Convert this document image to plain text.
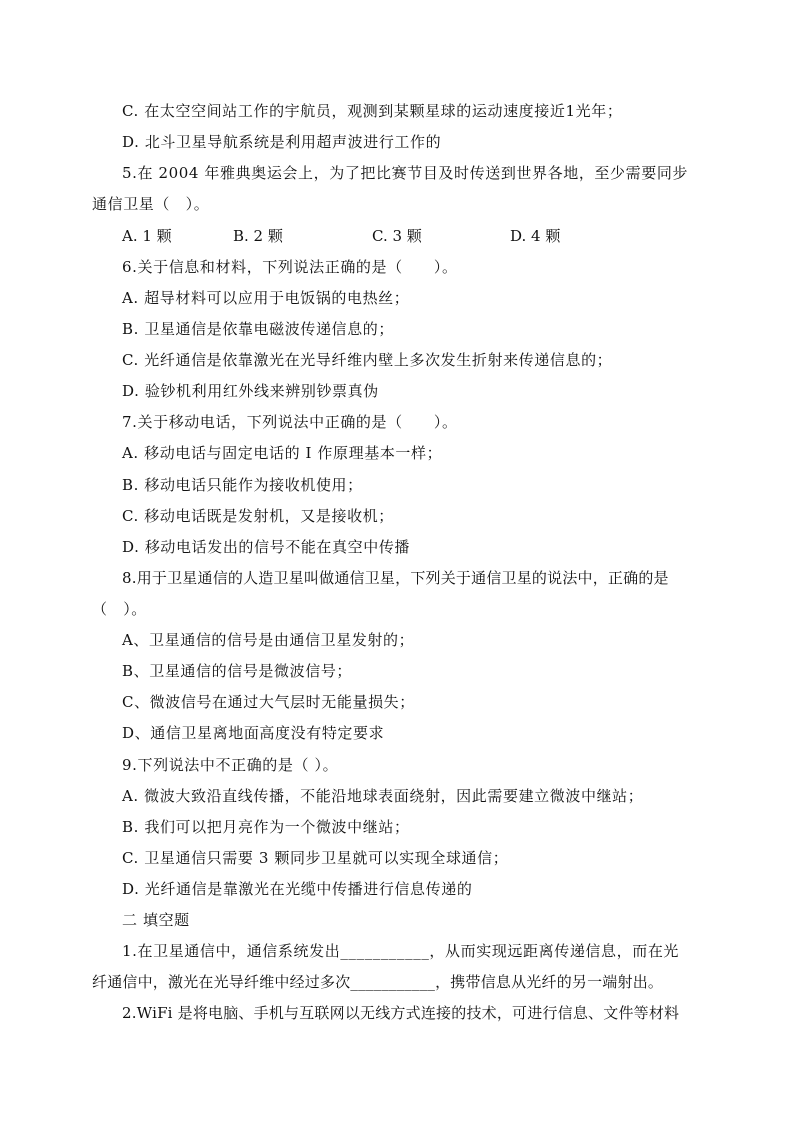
C. 在太空空间站工作的宇航员，观测到某颗星球的运动速度接近1光年；
D. 北斗卫星导航系统是利用超声波进行工作的
5.在 2004 年雅典奥运会上，为了把比赛节目及时传送到世界各地，至少需要同步
通信卫星（　）。
A. 1 颗	B. 2 颗	C. 3 颗	D. 4 颗
6.关于信息和材料，下列说法正确的是（　　）。
A. 超导材料可以应用于电饭锅的电热丝；
B. 卫星通信是依靠电磁波传递信息的；
C. 光纤通信是依靠激光在光导纤维内壁上多次发生折射来传递信息的；
D. 验钞机利用红外线来辨别钞票真伪
7.关于移动电话，下列说法中正确的是（　　）。
A. 移动电话与固定电话的 I 作原理基本一样；
B. 移动电话只能作为接收机使用；
C. 移动电话既是发射机，又是接收机；
D. 移动电话发出的信号不能在真空中传播
8.用于卫星通信的人造卫星叫做通信卫星，下列关于通信卫星的说法中，正确的是
（　）。
A、卫星通信的信号是由通信卫星发射的；
B、卫星通信的信号是微波信号；
C、微波信号在通过大气层时无能量损失；
D、通信卫星离地面高度没有特定要求
9.下列说法中不正确的是（ ）。
A. 微波大致沿直线传播，不能沿地球表面绕射，因此需要建立微波中继站；
B. 我们可以把月亮作为一个微波中继站；
C. 卫星通信只需要 3 颗同步卫星就可以实现全球通信；
D. 光纤通信是靠激光在光缆中传播进行信息传递的
二 填空题
1.在卫星通信中，通信系统发出___________，从而实现远距离传递信息，而在光
纤通信中，激光在光导纤维中经过多次___________，携带信息从光纤的另一端射出。
2.WiFi 是将电脑、手机与互联网以无线方式连接的技术，可进行信息、文件等材料
